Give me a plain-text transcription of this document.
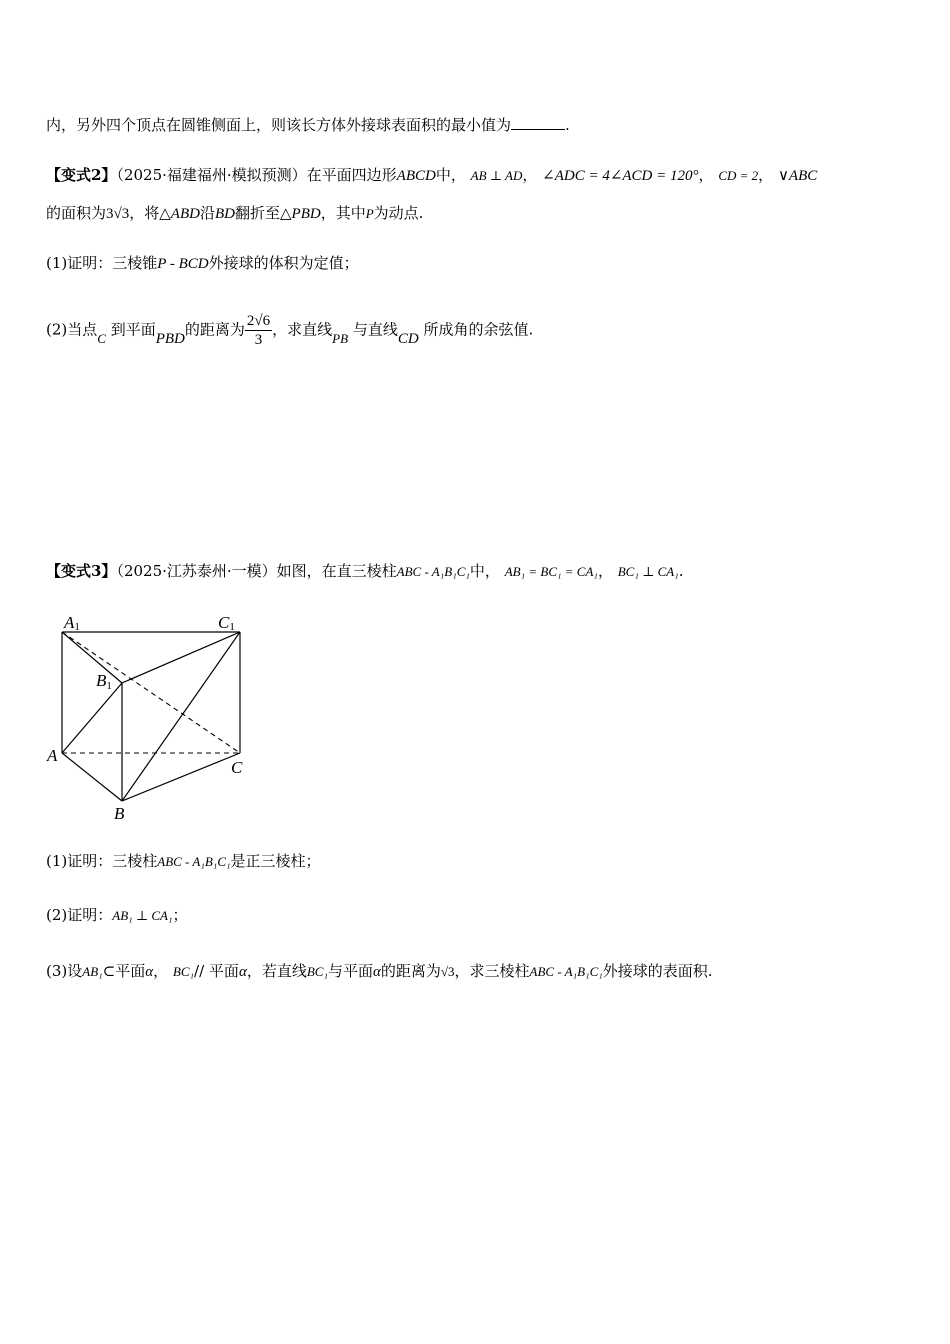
内，另外四个顶点在圆锥侧面上，则该长方体外接球表面积的最小值为	.
【变式2】（2025·福建福州·模拟预测）在平面四边形ABCD中， AB ⊥ AD， ∠ADC = 4∠ACD = 120°， CD = 2， ∨ABC
的面积为3√3，将△ABD沿BD翻折至△PBD，其中P为动点.
(1)证明：三棱锥P - BCD外接球的体积为定值；
(2)当点C 到平面PBD的距离为 $\frac{2√6}{3}$ ，求直线PB 与直线CD 所成角的余弦值.
【变式3】（2025·江苏泰州·一模）如图，在直三棱柱ABC - A₁B₁C₁中， AB₁ = BC₁ = CA₁， BC₁ ⊥ CA₁.
A1	C1
B1
A
C
B
(1)证明：三棱柱ABC - A₁B₁C₁是正三棱柱；
(2)证明：AB₁ ⊥ CA₁；
(3)设AB₁⊂平面α， BC₁// 平面α，若直线BC₁与平面α的距离为√3，求三棱柱ABC - A₁B₁C₁外接球的表面积.
